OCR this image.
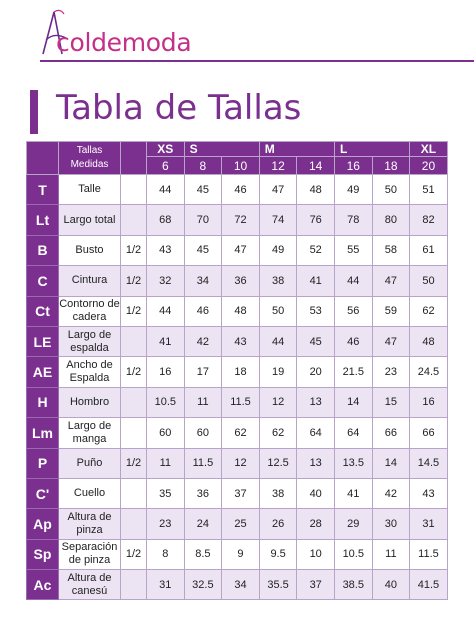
coldemoda
Tabla de Tallas
	Tallas
Medidas		XS	S		M		L		XL
			6	8	10	12	14	16	18	20
T	Talle		44	45	46	47	48	49	50	51
Lt	Largo total		68	70	72	74	76	78	80	82
B	Busto	1/2	43	45	47	49	52	55	58	61
C	Cintura	1/2	32	34	36	38	41	44	47	50
Ct	Contorno de cadera	1/2	44	46	48	50	53	56	59	62
LE	Largo de espalda		41	42	43	44	45	46	47	48
AE	Ancho de Espalda	1/2	16	17	18	19	20	21.5	23	24.5
H	Hombro		10.5	11	11.5	12	13	14	15	16
Lm	Largo de manga		60	60	62	62	64	64	66	66
P	Puño	1/2	11	11.5	12	12.5	13	13.5	14	14.5
C'	Cuello		35	36	37	38	40	41	42	43
Ap	Altura de pinza		23	24	25	26	28	29	30	31
Sp	Separación de pinza	1/2	8	8.5	9	9.5	10	10.5	11	11.5
Ac	Altura de canesú		31	32.5	34	35.5	37	38.5	40	41.5
